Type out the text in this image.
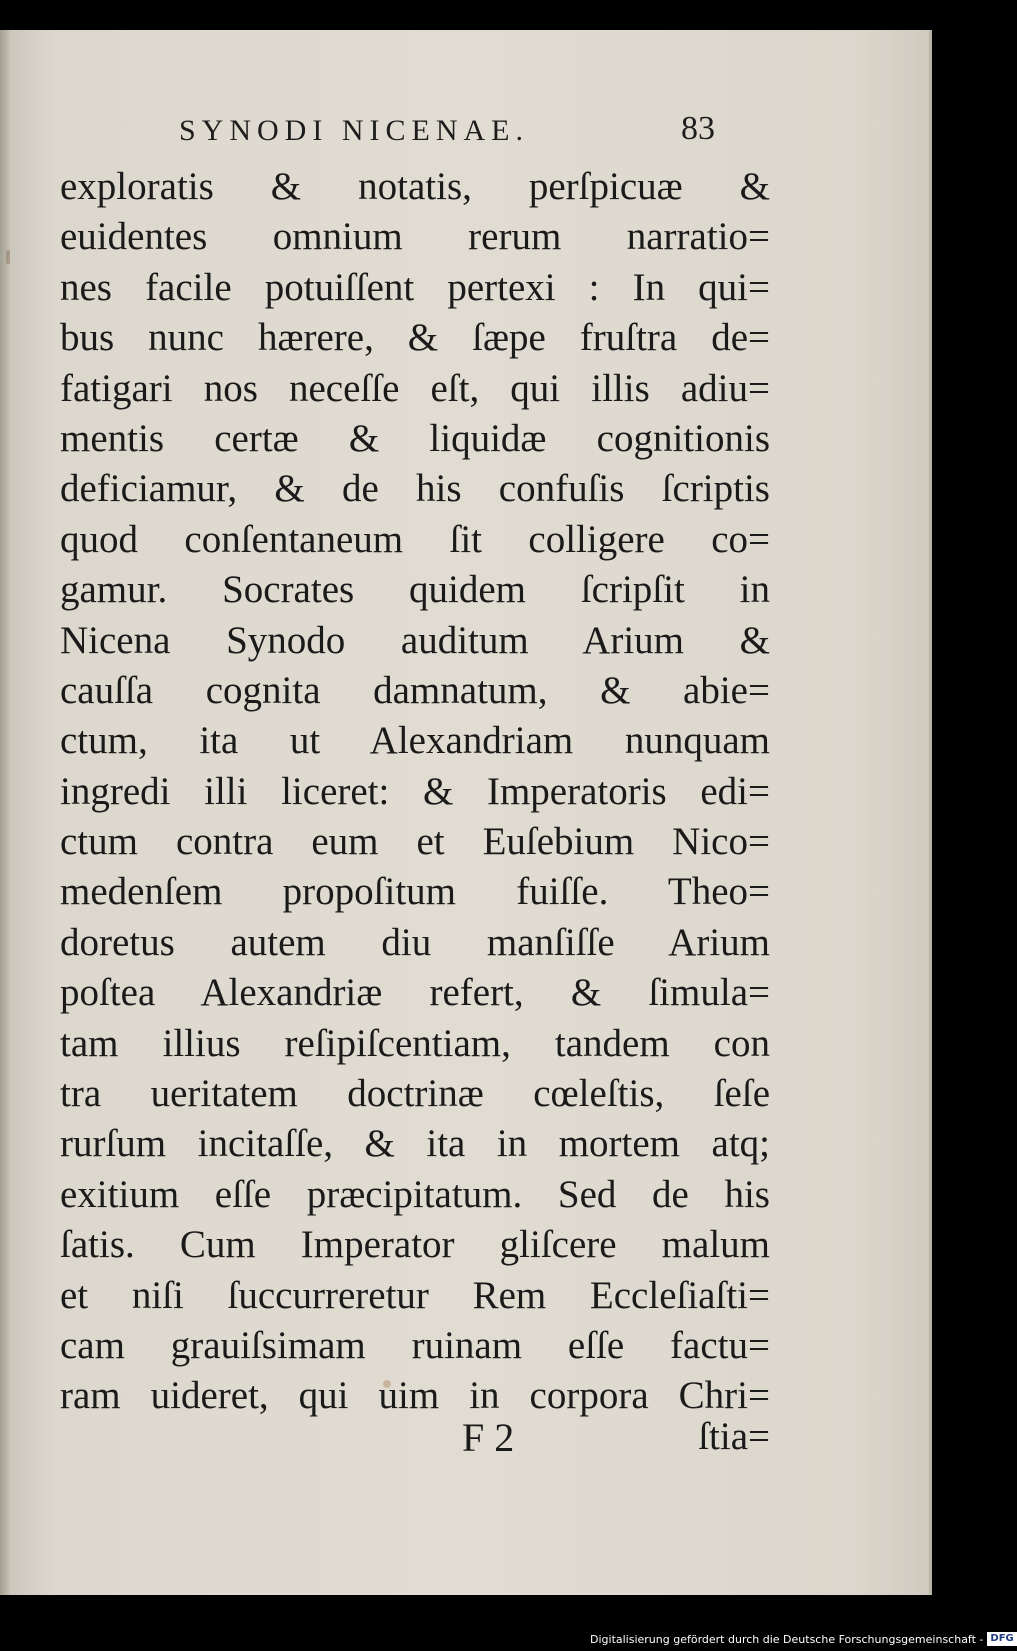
SYNODI NICENAE.	83
exploratis & notatis, perſpicuæ &
euidentes omnium rerum narratio=
nes facile potuiſſent pertexi : In qui=
bus nunc hærere, & ſæpe fruſtra de=
fatigari nos neceſſe eſt, qui illis adiu=
mentis certæ & liquidæ cognitionis
deficiamur, & de his confuſis ſcriptis
quod conſentaneum ſit colligere co=
gamur. Socrates quidem ſcripſit in
Nicena Synodo auditum Arium &
cauſſa cognita damnatum, & abie=
ctum, ita ut Alexandriam nunquam
ingredi illi liceret: & Imperatoris edi=
ctum contra eum et Euſebium Nico=
medenſem propoſitum fuiſſe. Theo=
doretus autem diu manſiſſe Arium
poſtea Alexandriæ refert, & ſimula=
tam illius reſipiſcentiam, tandem con
tra ueritatem doctrinæ cœleſtis, ſeſe
rurſum incitaſſe, & ita in mortem atq;
exitium eſſe præcipitatum. Sed de his
ſatis. Cum Imperator gliſcere malum
et niſi ſuccurreretur Rem Eccleſiaſti=
cam grauiſsimam ruinam eſſe factu=
ram uideret, qui uim in corpora Chri=
F 2	ſtia=
Digitalisierung gefördert durch die Deutsche Forschungsgemeinschaft - DFG
